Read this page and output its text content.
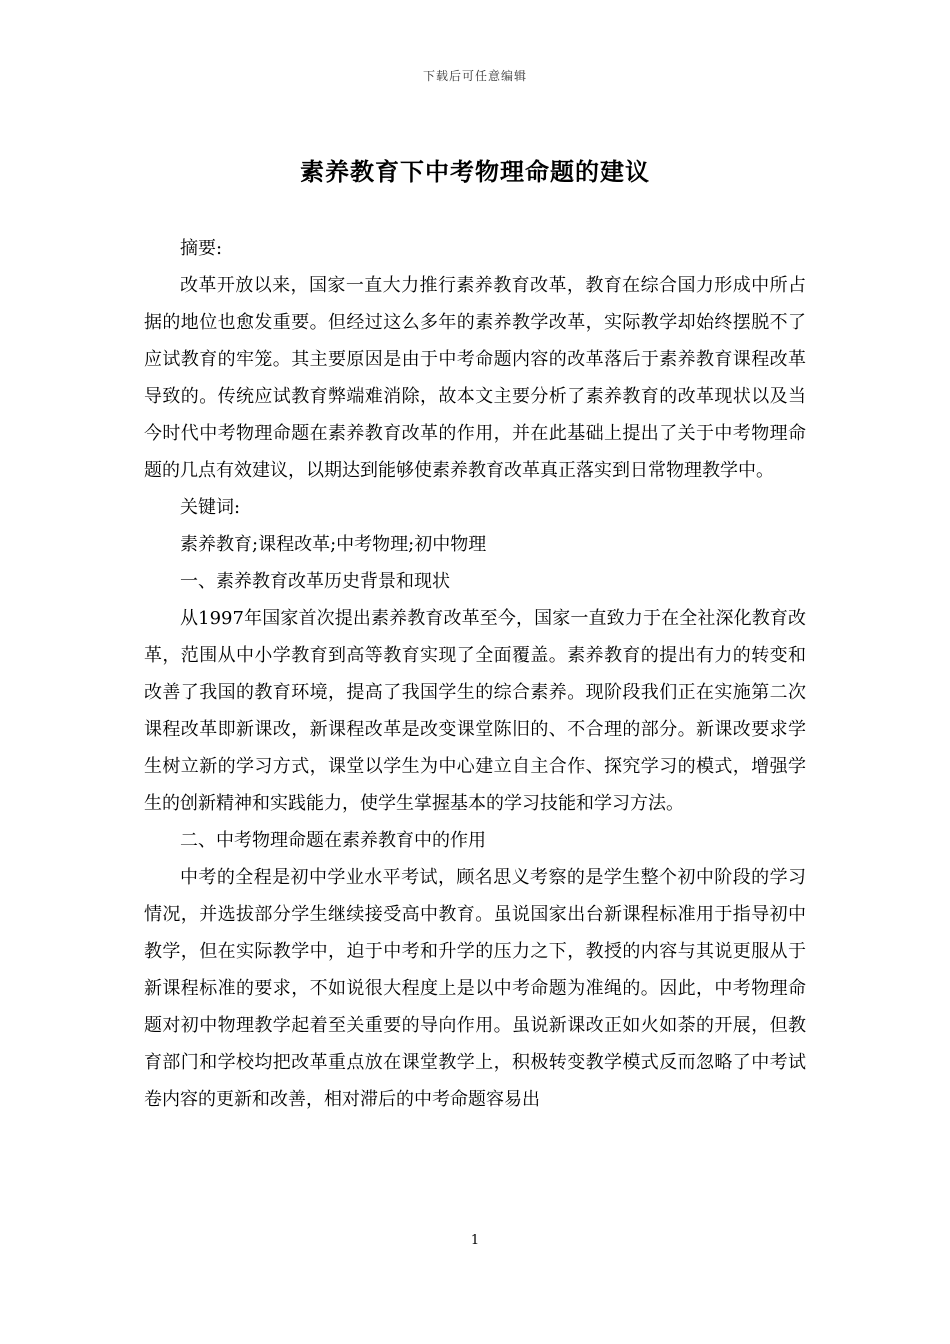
下载后可任意编辑
素养教育下中考物理命题的建议

摘要:

改革开放以来，国家一直大力推行素养教育改革，教育在综合国力形成中所占据的地位也愈发重要。但经过这么多年的素养教学改革，实际教学却始终摆脱不了应试教育的牢笼。其主要原因是由于中考命题内容的改革落后于素养教育课程改革导致的。传统应试教育弊端难消除，故本文主要分析了素养教育的改革现状以及当今时代中考物理命题在素养教育改革的作用，并在此基础上提出了关于中考物理命题的几点有效建议，以期达到能够使素养教育改革真正落实到日常物理教学中。

关键词:

素养教育;课程改革;中考物理;初中物理

一、素养教育改革历史背景和现状

从1997年国家首次提出素养教育改革至今，国家一直致力于在全社深化教育改革，范围从中小学教育到高等教育实现了全面覆盖。素养教育的提出有力的转变和改善了我国的教育环境，提高了我国学生的综合素养。现阶段我们正在实施第二次课程改革即新课改，新课程改革是改变课堂陈旧的、不合理的部分。新课改要求学生树立新的学习方式，课堂以学生为中心建立自主合作、探究学习的模式，增强学生的创新精神和实践能力，使学生掌握基本的学习技能和学习方法。

二、中考物理命题在素养教育中的作用

中考的全程是初中学业水平考试，顾名思义考察的是学生整个初中阶段的学习情况，并选拔部分学生继续接受高中教育。虽说国家出台新课程标准用于指导初中教学，但在实际教学中，迫于中考和升学的压力之下，教授的内容与其说更服从于新课程标准的要求，不如说很大程度上是以中考命题为准绳的。因此，中考物理命题对初中物理教学起着至关重要的导向作用。虽说新课改正如火如荼的开展，但教育部门和学校均把改革重点放在课堂教学上，积极转变教学模式反而忽略了中考试卷内容的更新和改善，相对滞后的中考命题容易出

1
